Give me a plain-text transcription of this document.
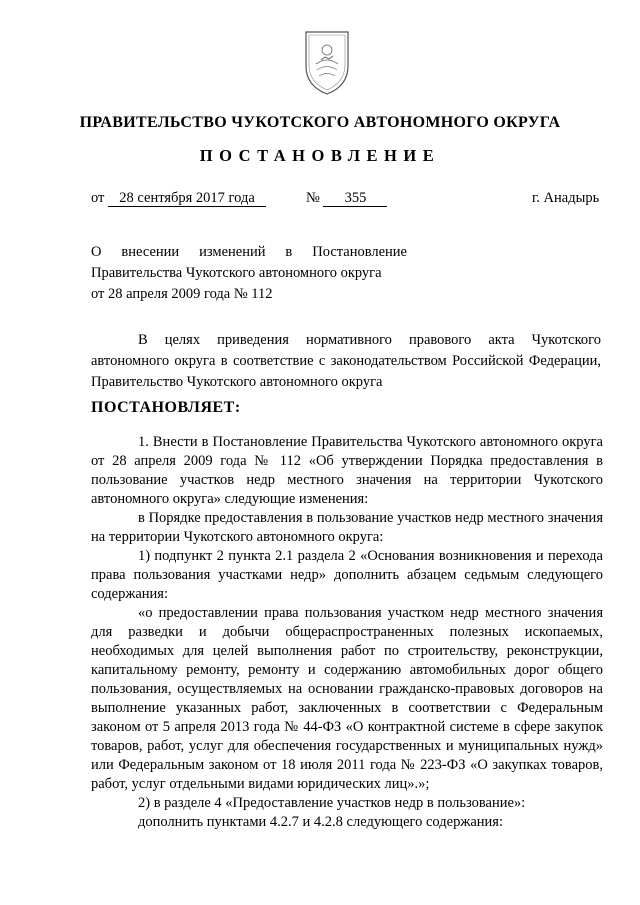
ПРАВИТЕЛЬСТВО ЧУКОТСКОГО АВТОНОМНОГО ОКРУГА
ПОСТАНОВЛЕНИЕ
от 28 сентября 2017 года	№ 355	г. Анадырь
О внесении изменений в Постановление
Правительства Чукотского автономного округа
от 28 апреля 2009 года № 112
В целях приведения нормативного правового акта Чукотского автономного округа в соответствие с законодательством Российской Федерации, Правительство Чукотского автономного округа
ПОСТАНОВЛЯЕТ:

1. Внести в Постановление Правительства Чукотского автономного округа от 28 апреля 2009 года № 112 «Об утверждении Порядка предоставления в пользование участков недр местного значения на территории Чукотского автономного округа» следующие изменения:

в Порядке предоставления в пользование участков недр местного значения на территории Чукотского автономного округа:

1) подпункт 2 пункта 2.1 раздела 2 «Основания возникновения и перехода права пользования участками недр» дополнить абзацем седьмым следующего содержания:

«о предоставлении права пользования участком недр местного значения для разведки и добычи общераспространенных полезных ископаемых, необходимых для целей выполнения работ по строительству, реконструкции, капитальному ремонту, ремонту и содержанию автомобильных дорог общего пользования, осуществляемых на основании гражданско-правовых договоров на выполнение указанных работ, заключенных в соответствии с Федеральным законом от 5 апреля 2013 года № 44-ФЗ «О контрактной системе в сфере закупок товаров, работ, услуг для обеспечения государственных и муниципальных нужд» или Федеральным законом от 18 июля 2011 года № 223-ФЗ «О закупках товаров, работ, услуг отдельными видами юридических лиц».»;

2) в разделе 4 «Предоставление участков недр в пользование»:

дополнить пунктами 4.2.7 и 4.2.8 следующего содержания:
